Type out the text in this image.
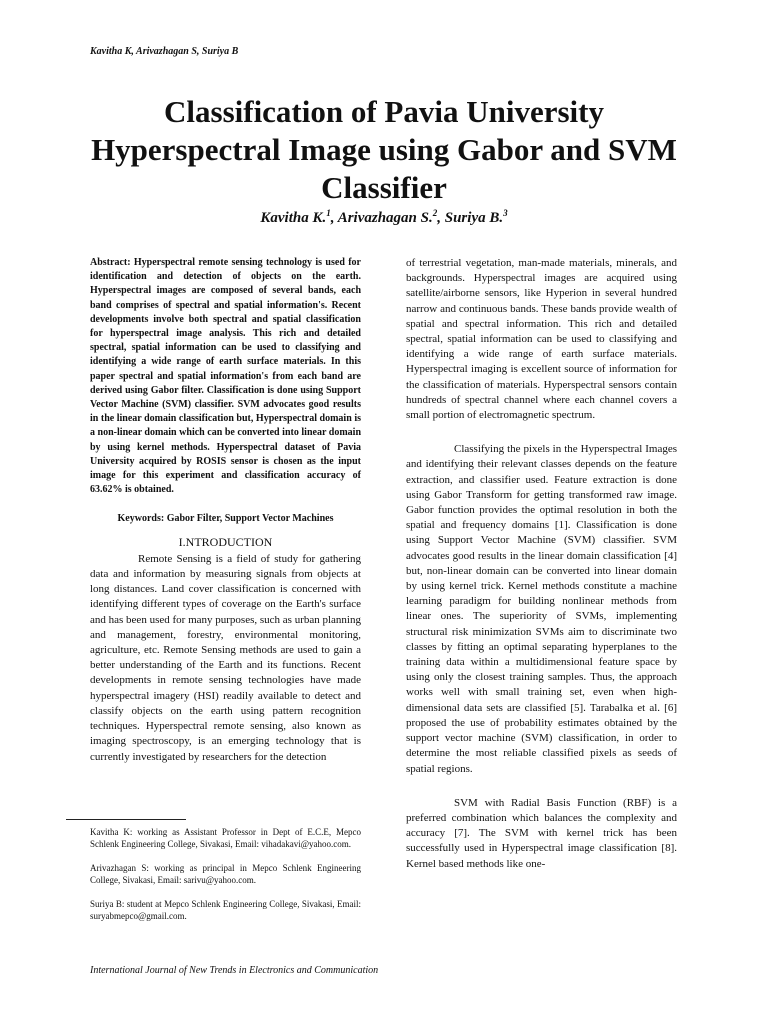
Kavitha K, Arivazhagan S, Suriya B
Classification of Pavia University
Hyperspectral Image using Gabor and SVM
Classifier
Kavitha K.$^1$, Arivazhagan S.$^2$, Suriya B.$^3$

Abstract: Hyperspectral remote sensing technology is used for identification and detection of objects on the earth. Hyperspectral images are composed of several bands, each band comprises of spectral and spatial information's. Recent developments involve both spectral and spatial classification for hyperspectral image analysis. This rich and detailed spectral, spatial information can be used to classifying and identifying a wide range of earth surface materials. In this paper spectral and spatial information's from each band are derived using Gabor filter. Classification is done using Support Vector Machine (SVM) classifier. SVM advocates good results in the linear domain classification but, Hyperspectral domain is a non-linear domain which can be converted into linear domain by using kernel methods. Hyperspectral dataset of Pavia University acquired by ROSIS sensor is chosen as the input image for this experiment and classification accuracy of 63.62% is obtained.

Keywords: Gabor Filter, Support Vector Machines

I.NTRODUCTION

Remote Sensing is a field of study for gathering data and information by measuring signals from objects at long distances. Land cover classification is concerned with identifying different types of coverage on the Earth's surface and has been used for many purposes, such as urban planning and management, forestry, environmental monitoring, agriculture, etc. Remote Sensing methods are used to gain a better understanding of the Earth and its functions. Recent developments in remote sensing technologies have made hyperspectral imagery (HSI) readily available to detect and classify objects on the earth using pattern recognition techniques. Hyperspectral remote sensing, also known as imaging spectroscopy, is an emerging technology that is currently investigated by researchers for the detection

Kavitha K: working as Assistant Professor in Dept of E.C.E, Mepco Schlenk Engineering College, Sivakasi, Email: vihadakavi@yahoo.com.

Arivazhagan S: working as principal in Mepco Schlenk Engineering College, Sivakasi, Email: sarivu@yahoo.com.

Suriya B: student at Mepco Schlenk Engineering College, Sivakasi, Email: suryabmepco@gmail.com.

of terrestrial vegetation, man-made materials, minerals, and backgrounds. Hyperspectral images are acquired using satellite/airborne sensors, like Hyperion in several hundred narrow and continuous bands. These bands provide wealth of spatial and spectral information. This rich and detailed spectral, spatial information can be used to classifying and identifying a wide range of earth surface materials. Hyperspectral imaging is excellent source of information for the classification of materials. Hyperspectral sensors contain hundreds of spectral channel where each channel covers a small portion of electromagnetic spectrum.

Classifying the pixels in the Hyperspectral Images and identifying their relevant classes depends on the feature extraction, and classifier used. Feature extraction is done using Gabor Transform for getting transformed raw image. Gabor function provides the optimal resolution in both the spatial and frequency domains [1]. Classification is done using Support Vector Machine (SVM) classifier. SVM advocates good results in the linear domain classification [4] but, non-linear domain can be converted into linear domain by using kernel trick. Kernel methods constitute a machine learning paradigm for building nonlinear methods from linear ones. The superiority of SVMs, implementing structural risk minimization SVMs aim to discriminate two classes by fitting an optimal separating hyperplanes to the training data within a multidimensional feature space by using only the closest training samples. Thus, the approach works well with small training set, even when high-dimensional data sets are classified [5]. Tarabalka et al. [6] proposed the use of probability estimates obtained by the support vector machine (SVM) classification, in order to determine the most reliable classified pixels as seeds of spatial regions.

SVM with Radial Basis Function (RBF) is a preferred combination which balances the complexity and accuracy [7]. The SVM with kernel trick has been successfully used in Hyperspectral image classification [8]. Kernel based methods like one-

International Journal of New Trends in Electronics and Communication
